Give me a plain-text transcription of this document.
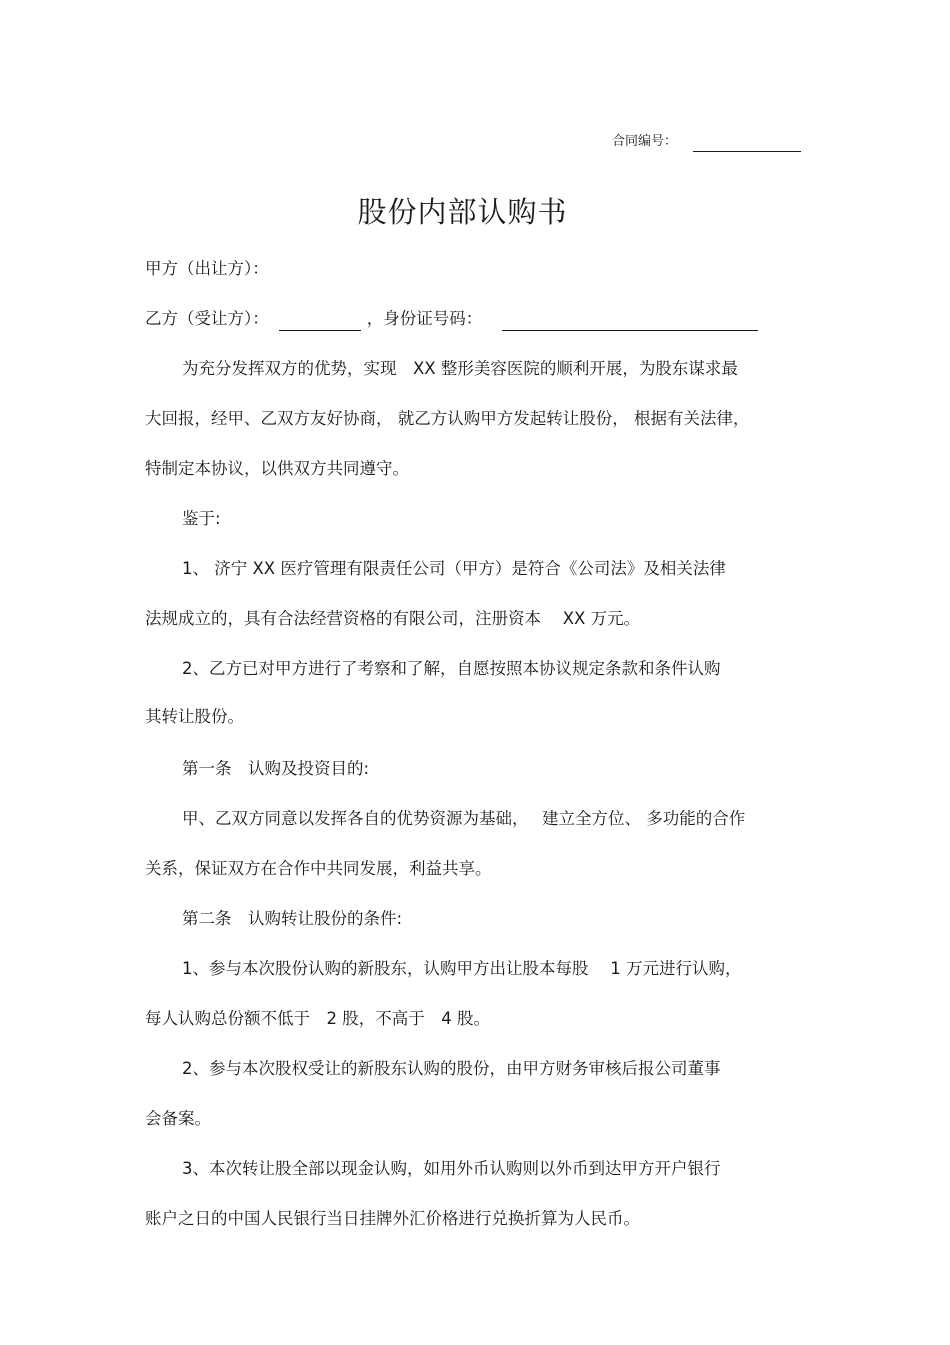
合同编号：
股份内部认购书
甲方（出让方）：
乙方（受让方）：	，身份证号码：
为充分发挥双方的优势，实现　XX 整形美容医院的顺利开展，为股东谋求最
大回报，经甲、乙双方友好协商， 就乙方认购甲方发起转让股份， 根据有关法律，
特制定本协议，以供双方共同遵守。
鉴于:
1、 济宁 XX 医疗管理有限责任公司（甲方）是符合《公司法》及相关法律
法规成立的，具有合法经营资格的有限公司，注册资本　 XX 万元。
2、乙方已对甲方进行了考察和了解，自愿按照本协议规定条款和条件认购
其转让股份。
第一条　认购及投资目的:
甲、乙双方同意以发挥各自的优势资源为基础，　 建立全方位、 多功能的合作
关系，保证双方在合作中共同发展，利益共享。
第二条　认购转让股份的条件:
1、参与本次股份认购的新股东，认购甲方出让股本每股　 1 万元进行认购，
每人认购总份额不低于　2 股，不高于　4 股。
2、参与本次股权受让的新股东认购的股份，由甲方财务审核后报公司董事
会备案。
3、本次转让股全部以现金认购，如用外币认购则以外币到达甲方开户银行
账户之日的中国人民银行当日挂牌外汇价格进行兑换折算为人民币。
